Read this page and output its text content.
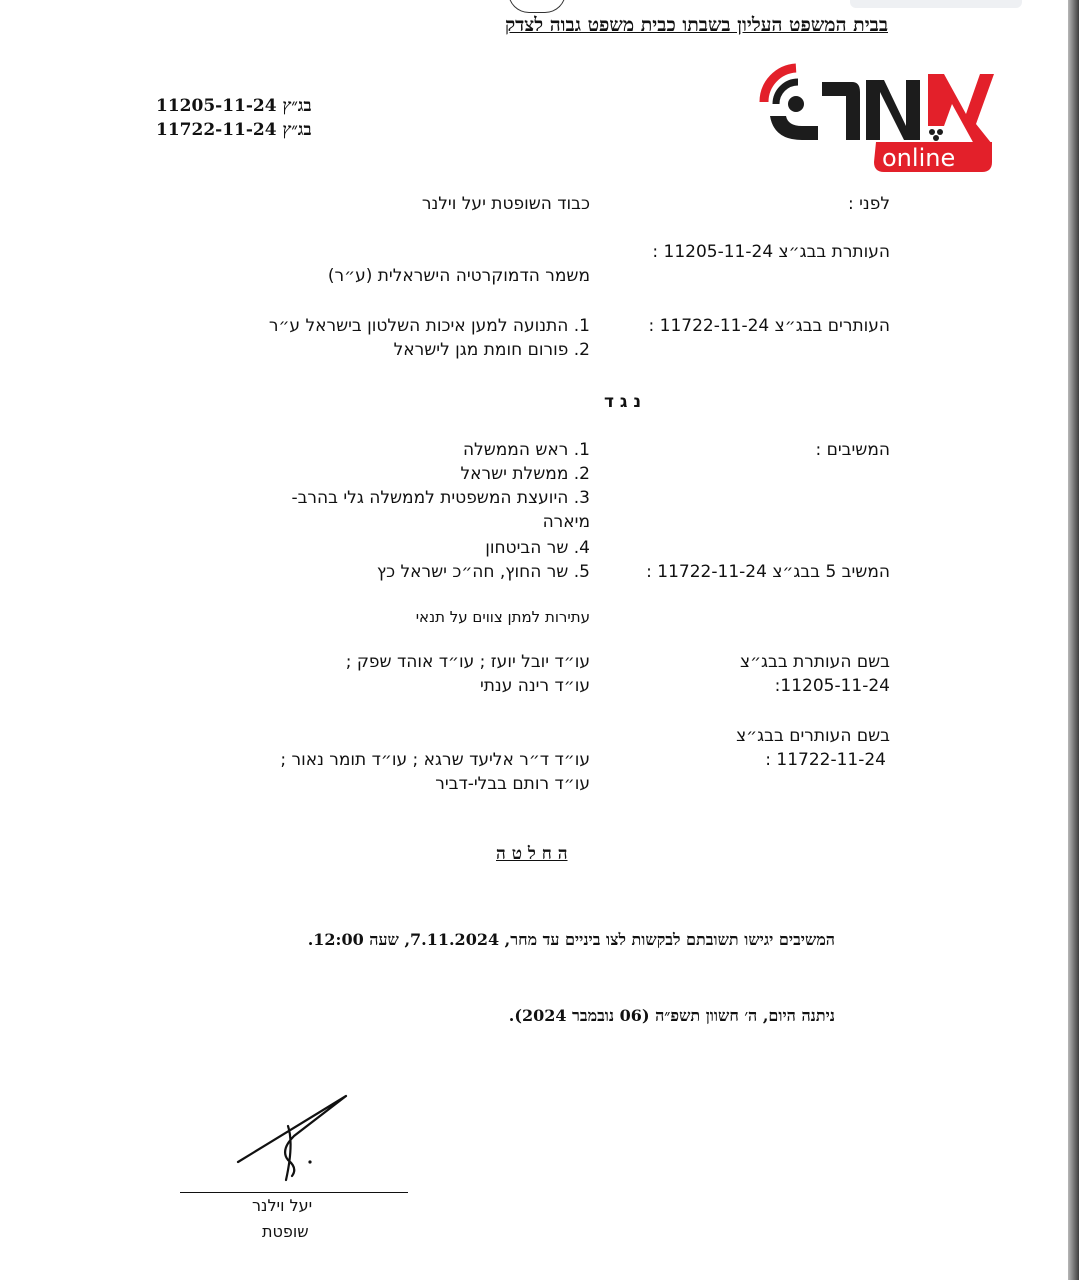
בבית המשפט העליון בשבתו כבית משפט גבוה לצדק
online
בג״ץ 11205-11-24
בג״ץ 11722-11-24
לפני :
כבוד השופטת יעל וילנר
העותרת בבג״צ 11205-11-24 :
משמר הדמוקרטיה הישראלית (ע״ר)
העותרים בבג״צ 11722-11-24 :
1. התנועה למען איכות השלטון בישראל ע״ר
2. פורום חומת מגן לישראל
נ ג ד
המשיבים :
1. ראש הממשלה
2. ממשלת ישראל
3. היועצת המשפטית לממשלה גלי בהרב-
מיארה
4. שר הביטחון
5. שר החוץ, חה״כ ישראל כץ	המשיב 5 בבג״צ 11722-11-24 :
עתירות למתן צווים על תנאי
בשם העותרת בבג״צ
11205-11-24:
עו״ד יובל יועז ; עו״ד אוהד שפק ;
עו״ד רינה ענתי
בשם העותרים בבג״צ
11722-11-24 :
עו״ד ד״ר אליעד שרגא ; עו״ד תומר נאור ;
עו״ד רותם בבלי-דביר
ה ח ל ט ה
המשיבים יגישו תשובתם לבקשות לצו ביניים עד מחר, 7.11.2024, שעה 12:00.
ניתנה היום, ה׳ חשוון תשפ״ה (06 נובמבר 2024).
יעל וילנר
שופטת
